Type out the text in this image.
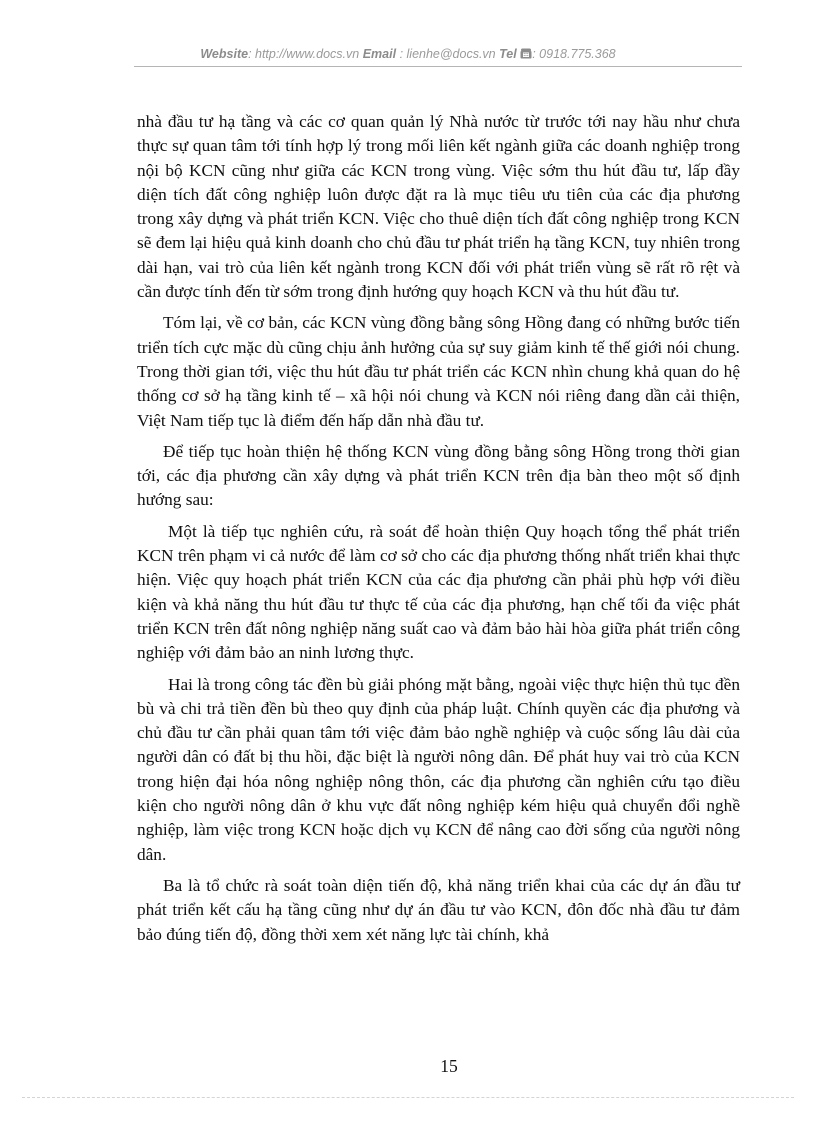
Website: http://www.docs.vn Email : lienhe@docs.vn Tel : 0918.775.368

nhà đầu tư hạ tầng và các cơ quan quản lý Nhà nước từ trước tới nay hầu như chưa thực sự quan tâm tới tính hợp lý trong mối liên kết ngành giữa các doanh nghiệp trong nội bộ KCN cũng như giữa các KCN trong vùng. Việc sớm thu hút đầu tư, lấp đầy diện tích đất công nghiệp luôn được đặt ra là mục tiêu ưu tiên của các địa phương trong xây dựng và phát triển KCN. Việc cho thuê diện tích đất công nghiệp trong KCN sẽ đem lại hiệu quả kinh doanh cho chủ đầu tư phát triển hạ tầng KCN, tuy nhiên trong dài hạn, vai trò của liên kết ngành trong KCN đối với phát triển vùng sẽ rất rõ rệt và cần được tính đến từ sớm trong định hướng quy hoạch KCN và thu hút đầu tư.

Tóm lại, về cơ bản, các KCN vùng đồng bằng sông Hồng đang có những bước tiến triển tích cực mặc dù cũng chịu ảnh hưởng của sự suy giảm kinh tế thế giới nói chung. Trong thời gian tới, việc thu hút đầu tư phát triển các KCN nhìn chung khả quan do hệ thống cơ sở hạ tầng kinh tế – xã hội nói chung và KCN nói riêng đang dần cải thiện, Việt Nam tiếp tục là điểm đến hấp dẫn nhà đầu tư.

Để tiếp tục hoàn thiện hệ thống KCN vùng đồng bằng sông Hồng trong thời gian tới, các địa phương cần xây dựng và phát triển KCN trên địa bàn theo một số định hướng sau:

Một là tiếp tục nghiên cứu, rà soát để hoàn thiện Quy hoạch tổng thể phát triển KCN trên phạm vi cả nước để làm cơ sở cho các địa phương thống nhất triển khai thực hiện. Việc quy hoạch phát triển KCN của các địa phương cần phải phù hợp với điều kiện và khả năng thu hút đầu tư thực tế của các địa phương, hạn chế tối đa việc phát triển KCN trên đất nông nghiệp năng suất cao và đảm bảo hài hòa giữa phát triển công nghiệp với đảm bảo an ninh lương thực.

Hai là trong công tác đền bù giải phóng mặt bằng, ngoài việc thực hiện thủ tục đền bù và chi trả tiền đền bù theo quy định của pháp luật. Chính quyền các địa phương và chủ đầu tư cần phải quan tâm tới việc đảm bảo nghề nghiệp và cuộc sống lâu dài của người dân có đất bị thu hồi, đặc biệt là người nông dân. Để phát huy vai trò của KCN trong hiện đại hóa nông nghiệp nông thôn, các địa phương cần nghiên cứu tạo điều kiện cho người nông dân ở khu vực đất nông nghiệp kém hiệu quả chuyển đổi nghề nghiệp, làm việc trong KCN hoặc dịch vụ KCN để nâng cao đời sống của người nông dân.

Ba là tổ chức rà soát toàn diện tiến độ, khả năng triển khai của các dự án đầu tư phát triển kết cấu hạ tầng cũng như dự án đầu tư vào KCN, đôn đốc nhà đầu tư đảm bảo đúng tiến độ, đồng thời xem xét năng lực tài chính, khả

15
